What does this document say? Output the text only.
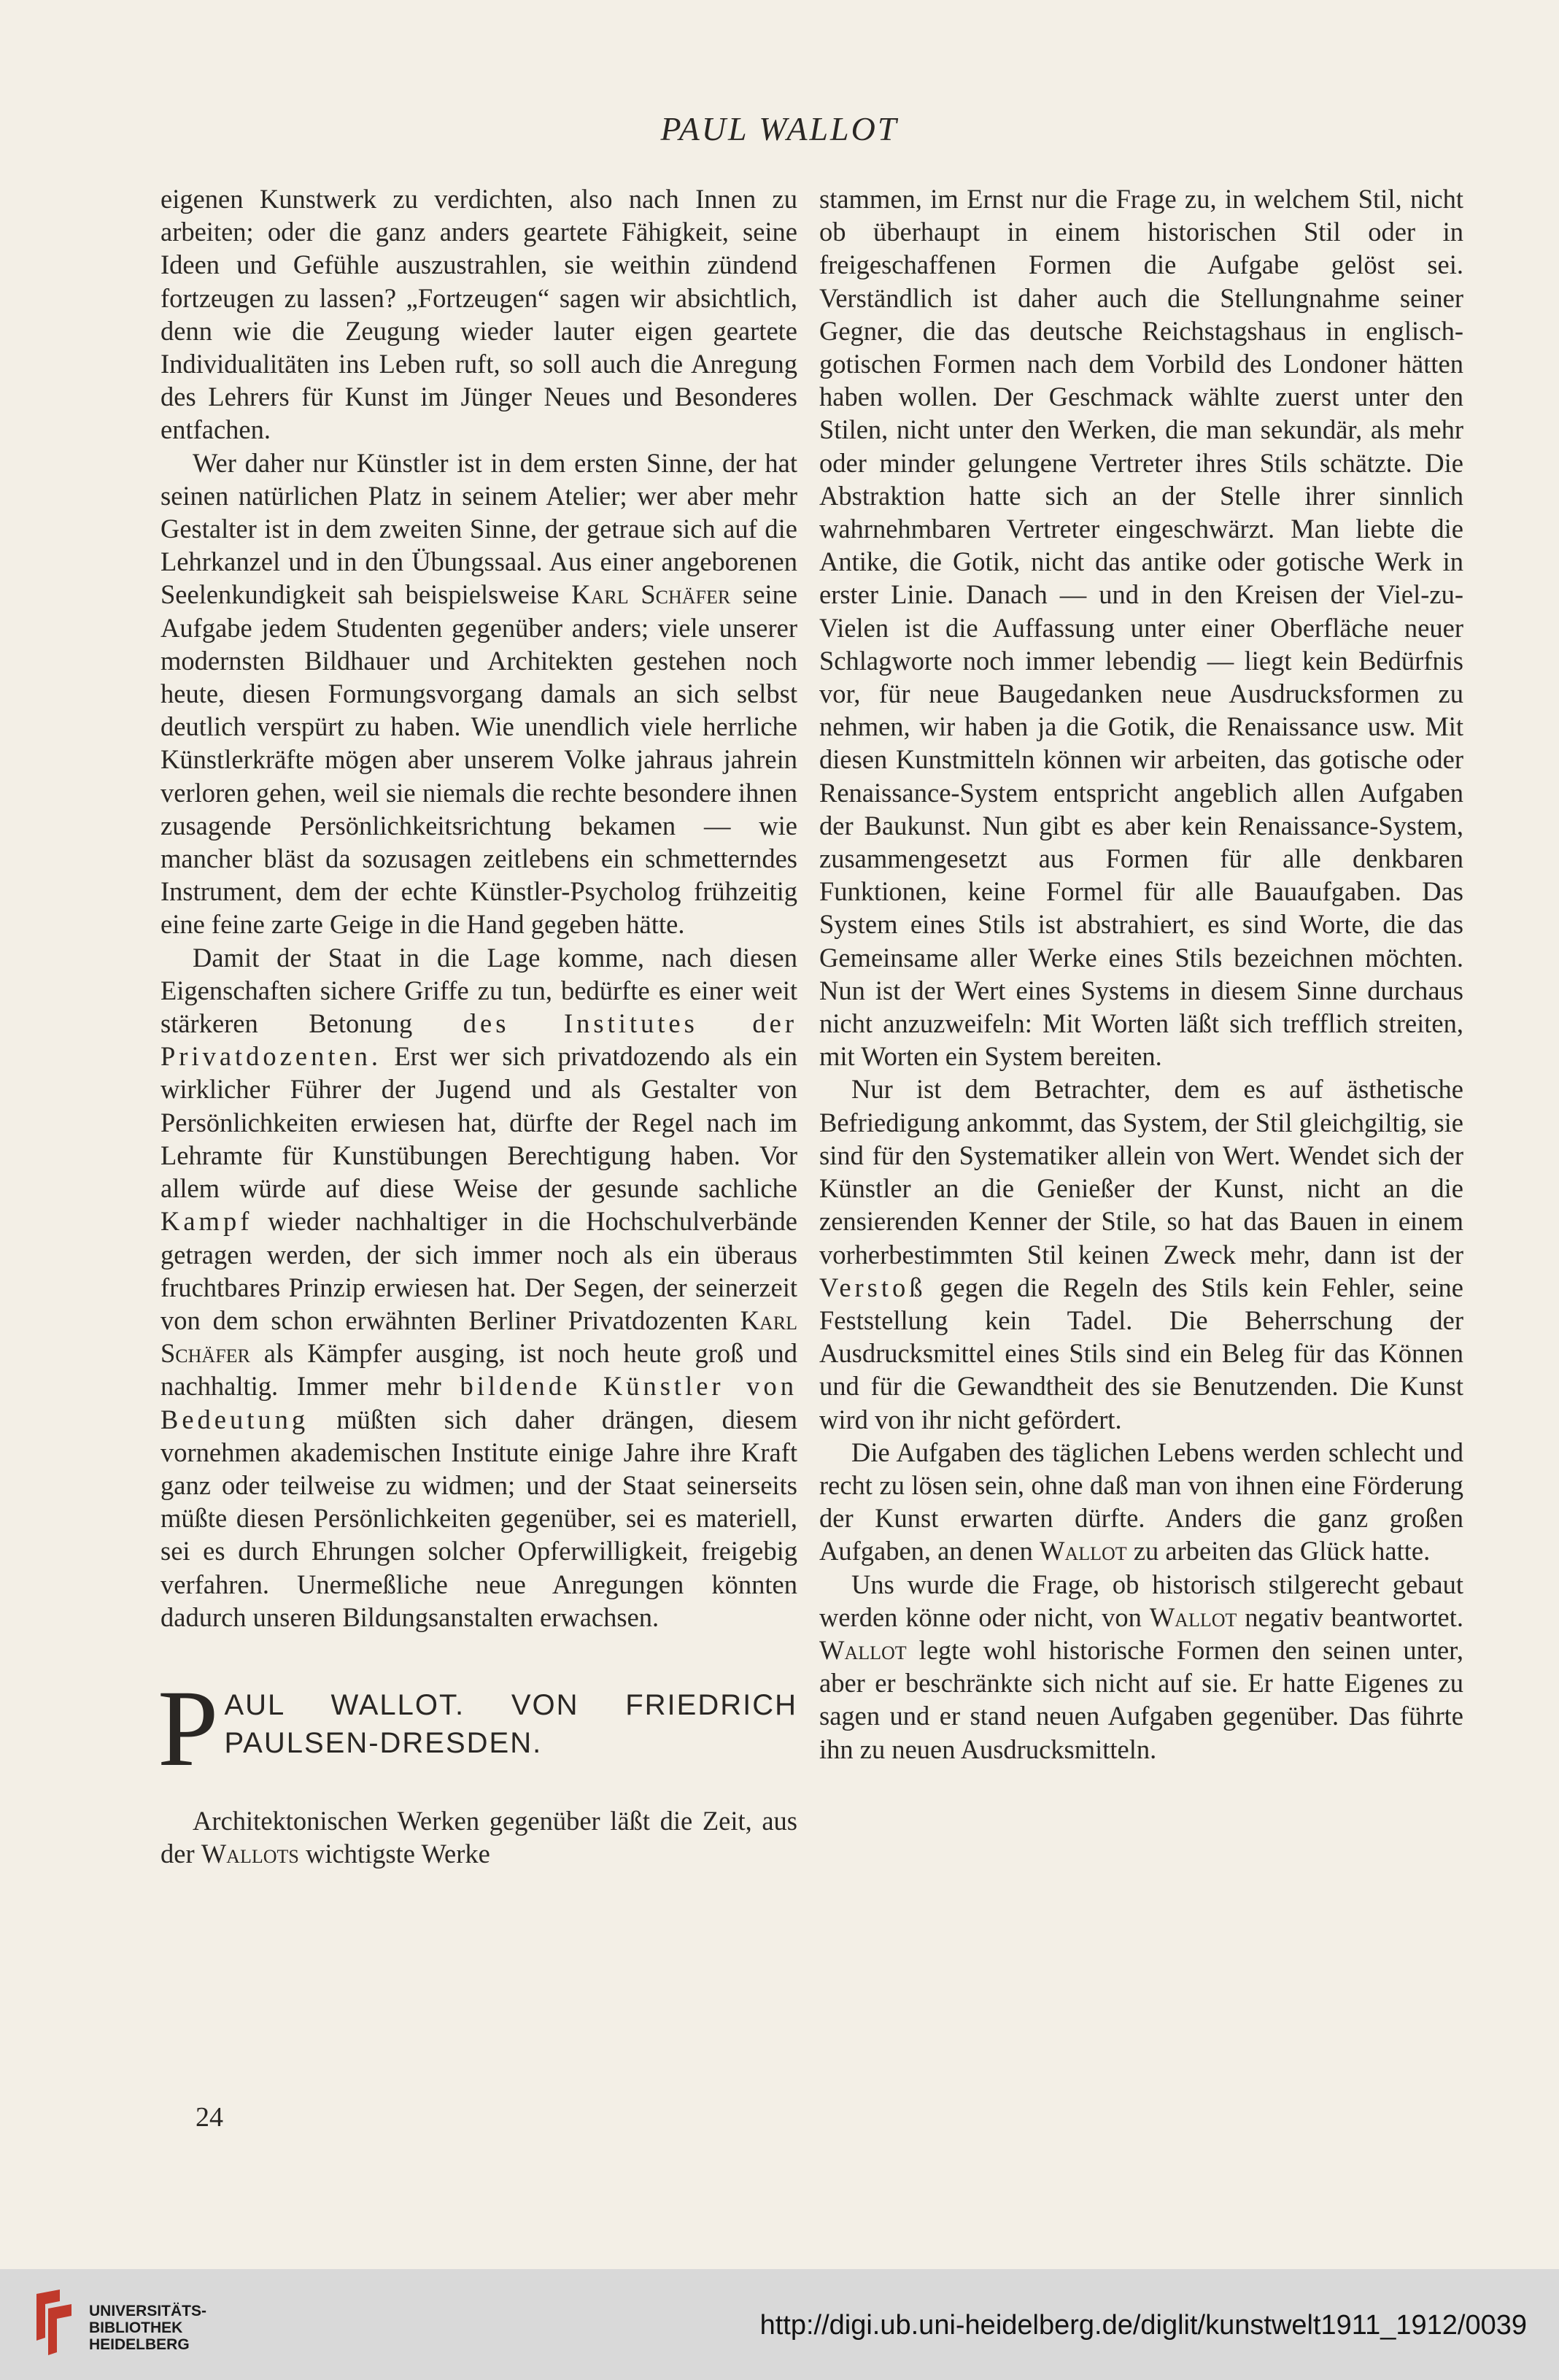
PAUL WALLOT

eigenen Kunstwerk zu verdichten, also nach Innen zu arbeiten; oder die ganz anders geartete Fähigkeit, seine Ideen und Gefühle auszustrahlen, sie weithin zündend fortzeugen zu lassen? „Fortzeugen“ sagen wir absichtlich, denn wie die Zeugung wieder lauter eigen geartete Individualitäten ins Leben ruft, so soll auch die Anregung des Lehrers für Kunst im Jünger Neues und Besonderes entfachen.

Wer daher nur Künstler ist in dem ersten Sinne, der hat seinen natürlichen Platz in seinem Atelier; wer aber mehr Gestalter ist in dem zweiten Sinne, der getraue sich auf die Lehrkanzel und in den Übungssaal. Aus einer angeborenen Seelenkundigkeit sah beispielsweise Karl Schäfer seine Aufgabe jedem Studenten gegenüber anders; viele unserer modernsten Bildhauer und Architekten gestehen noch heute, diesen Formungsvorgang damals an sich selbst deutlich verspürt zu haben. Wie unendlich viele herrliche Künstlerkräfte mögen aber unserem Volke jahraus jahrein verloren gehen, weil sie niemals die rechte besondere ihnen zusagende Persönlichkeitsrichtung bekamen — wie mancher bläst da sozusagen zeitlebens ein schmetterndes Instrument, dem der echte Künstler-Psycholog frühzeitig eine feine zarte Geige in die Hand gegeben hätte.

Damit der Staat in die Lage komme, nach diesen Eigenschaften sichere Griffe zu tun, bedürfte es einer weit stärkeren Betonung des Institutes der Privatdozenten. Erst wer sich privatdozendo als ein wirklicher Führer der Jugend und als Gestalter von Persönlichkeiten erwiesen hat, dürfte der Regel nach im Lehramte für Kunstübungen Berechtigung haben. Vor allem würde auf diese Weise der gesunde sachliche Kampf wieder nachhaltiger in die Hochschulverbände getragen werden, der sich immer noch als ein überaus fruchtbares Prinzip erwiesen hat. Der Segen, der seinerzeit von dem schon erwähnten Berliner Privatdozenten Karl Schäfer als Kämpfer ausging, ist noch heute groß und nachhaltig. Immer mehr bildende Künstler von Bedeutung müßten sich daher drängen, diesem vornehmen akademischen Institute einige Jahre ihre Kraft ganz oder teilweise zu widmen; und der Staat seinerseits müßte diesen Persönlichkeiten gegenüber, sei es materiell, sei es durch Ehrungen solcher Opferwilligkeit, freigebig verfahren. Unermeßliche neue Anregungen könnten dadurch unseren Bildungsanstalten erwachsen.

P AUL WALLOT. VON FRIEDRICH PAULSEN-DRESDEN.

Architektonischen Werken gegenüber läßt die Zeit, aus der Wallots wichtigste Werke

stammen, im Ernst nur die Frage zu, in welchem Stil, nicht ob überhaupt in einem historischen Stil oder in freigeschaffenen Formen die Aufgabe gelöst sei. Verständlich ist daher auch die Stellungnahme seiner Gegner, die das deutsche Reichstagshaus in englisch-gotischen Formen nach dem Vorbild des Londoner hätten haben wollen. Der Geschmack wählte zuerst unter den Stilen, nicht unter den Werken, die man sekundär, als mehr oder minder gelungene Vertreter ihres Stils schätzte. Die Abstraktion hatte sich an der Stelle ihrer sinnlich wahrnehmbaren Vertreter eingeschwärzt. Man liebte die Antike, die Gotik, nicht das antike oder gotische Werk in erster Linie. Danach — und in den Kreisen der Viel-zu-Vielen ist die Auffassung unter einer Oberfläche neuer Schlagworte noch immer lebendig — liegt kein Bedürfnis vor, für neue Baugedanken neue Ausdrucksformen zu nehmen, wir haben ja die Gotik, die Renaissance usw. Mit diesen Kunstmitteln können wir arbeiten, das gotische oder Renaissance-System entspricht angeblich allen Aufgaben der Baukunst. Nun gibt es aber kein Renaissance-System, zusammengesetzt aus Formen für alle denkbaren Funktionen, keine Formel für alle Bauaufgaben. Das System eines Stils ist abstrahiert, es sind Worte, die das Gemeinsame aller Werke eines Stils bezeichnen möchten. Nun ist der Wert eines Systems in diesem Sinne durchaus nicht anzuzweifeln: Mit Worten läßt sich trefflich streiten, mit Worten ein System bereiten.

Nur ist dem Betrachter, dem es auf ästhetische Befriedigung ankommt, das System, der Stil gleichgiltig, sie sind für den Systematiker allein von Wert. Wendet sich der Künstler an die Genießer der Kunst, nicht an die zensierenden Kenner der Stile, so hat das Bauen in einem vorherbestimmten Stil keinen Zweck mehr, dann ist der Verstoß gegen die Regeln des Stils kein Fehler, seine Feststellung kein Tadel. Die Beherrschung der Ausdrucksmittel eines Stils sind ein Beleg für das Können und für die Gewandtheit des sie Benutzenden. Die Kunst wird von ihr nicht gefördert.

Die Aufgaben des täglichen Lebens werden schlecht und recht zu lösen sein, ohne daß man von ihnen eine Förderung der Kunst erwarten dürfte. Anders die ganz großen Aufgaben, an denen Wallot zu arbeiten das Glück hatte.

Uns wurde die Frage, ob historisch stilgerecht gebaut werden könne oder nicht, von Wallot negativ beantwortet. Wallot legte wohl historische Formen den seinen unter, aber er beschränkte sich nicht auf sie. Er hatte Eigenes zu sagen und er stand neuen Aufgaben gegenüber. Das führte ihn zu neuen Ausdrucksmitteln.

24
UNIVERSITÄTS-
BIBLIOTHEK
HEIDELBERG
http://digi.ub.uni-heidelberg.de/diglit/kunstwelt1911_1912/0039
